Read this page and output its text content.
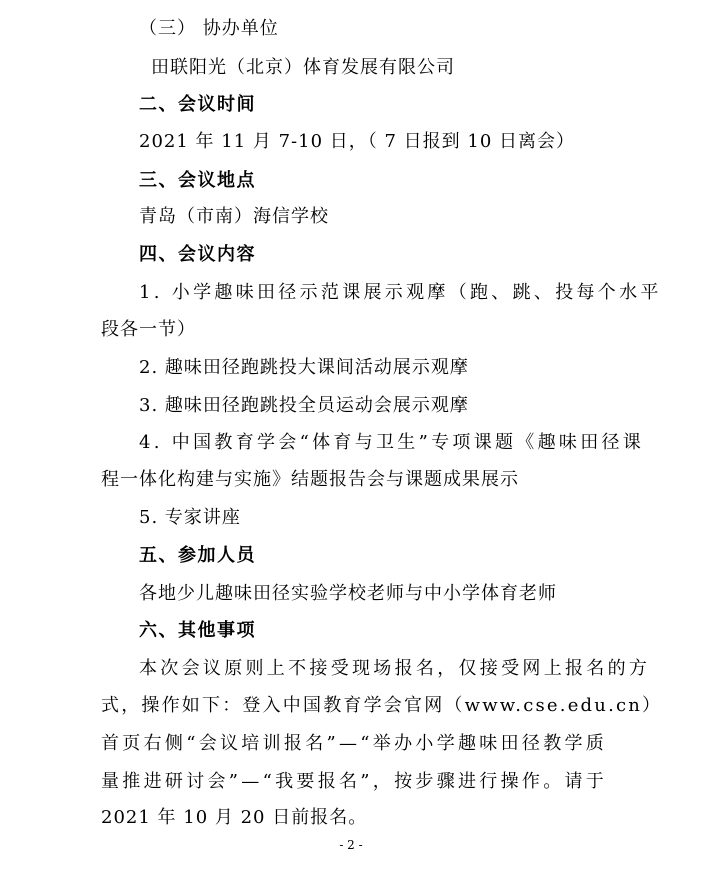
（三） 协办单位
田联阳光（北京）体育发展有限公司
二、会议时间
2021 年 11 月 7-10 日，（ 7 日报到 10 日离会）
三、会议地点
青岛（市南）海信学校
四、会议内容
1. 小学趣味田径示范课展示观摩（跑、跳、投每个水平
段各一节）
2. 趣味田径跑跳投大课间活动展示观摩
3. 趣味田径跑跳投全员运动会展示观摩
4. 中国教育学会“体育与卫生”专项课题《趣味田径课
程一体化构建与实施》结题报告会与课题成果展示
5. 专家讲座
五、参加人员
各地少儿趣味田径实验学校老师与中小学体育老师
六、其他事项
本次会议原则上不接受现场报名，仅接受网上报名的方
式，操作如下：登入中国教育学会官网（www.cse.edu.cn）
首页右侧“会议培训报名”—“举办小学趣味田径教学质
量推进研讨会”—“我要报名”，按步骤进行操作。请于
2021 年 10 月 20 日前报名。
- 2 -
